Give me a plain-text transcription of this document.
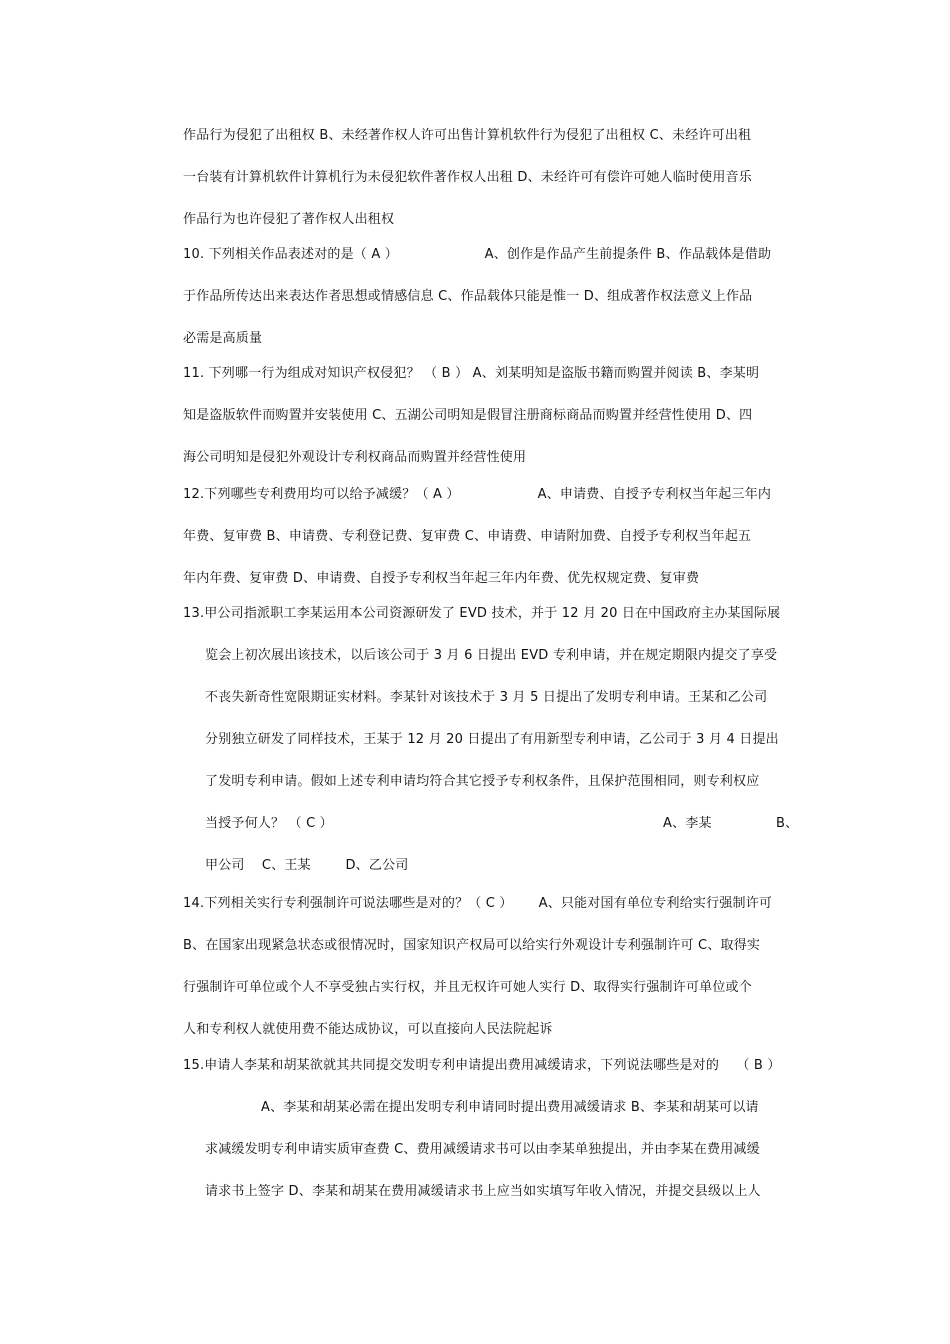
作品行为侵犯了出租权 B、未经著作权人许可出售计算机软件行为侵犯了出租权 C、未经许可出租
一台装有计算机软件计算机行为未侵犯软件著作权人出租 D、未经许可有偿许可她人临时使用音乐
作品行为也许侵犯了著作权人出租权
10. 下列相关作品表述对的是（ A ）                    A、创作是作品产生前提条件 B、作品载体是借助
于作品所传达出来表达作者思想或情感信息 C、作品载体只能是惟一 D、组成著作权法意义上作品
必需是高质量
11. 下列哪一行为组成对知识产权侵犯？ （ B ） A、刘某明知是盗版书籍而购置并阅读 B、李某明
知是盗版软件而购置并安装使用 C、五湖公司明知是假冒注册商标商品而购置并经营性使用 D、四
海公司明知是侵犯外观设计专利权商品而购置并经营性使用
12.下列哪些专利费用均可以给予减缓？（ A ）                  A、申请费、自授予专利权当年起三年内
年费、复审费 B、申请费、专利登记费、复审费 C、申请费、申请附加费、自授予专利权当年起五
年内年费、复审费 D、申请费、自授予专利权当年起三年内年费、优先权规定费、复审费
13.甲公司指派职工李某运用本公司资源研发了 EVD 技术，并于 12 月 20 日在中国政府主办某国际展
览会上初次展出该技术，以后该公司于 3 月 6 日提出 EVD 专利申请，并在规定期限内提交了享受
不丧失新奇性宽限期证实材料。李某针对该技术于 3 月 5 日提出了发明专利申请。王某和乙公司
分别独立研发了同样技术，王某于 12 月 20 日提出了有用新型专利申请，乙公司于 3 月 4 日提出
了发明专利申请。假如上述专利申请均符合其它授予专利权条件，且保护范围相同，则专利权应
当授予何人？ （ C ）	A、李某	B、
甲公司    C、王某        D、乙公司
14.下列相关实行专利强制许可说法哪些是对的？（ C ）      A、只能对国有单位专利给实行强制许可
B、在国家出现紧急状态或很情况时，国家知识产权局可以给实行外观设计专利强制许可 C、取得实
行强制许可单位或个人不享受独占实行权，并且无权许可她人实行 D、取得实行强制许可单位或个
人和专利权人就使用费不能达成协议，可以直接向人民法院起诉
15.申请人李某和胡某欲就其共同提交发明专利申请提出费用减缓请求，下列说法哪些是对的    （ B ）
A、李某和胡某必需在提出发明专利申请同时提出费用减缓请求 B、李某和胡某可以请
求减缓发明专利申请实质审查费 C、费用减缓请求书可以由李某单独提出，并由李某在费用减缓
请求书上签字 D、李某和胡某在费用减缓请求书上应当如实填写年收入情况，并提交县级以上人
